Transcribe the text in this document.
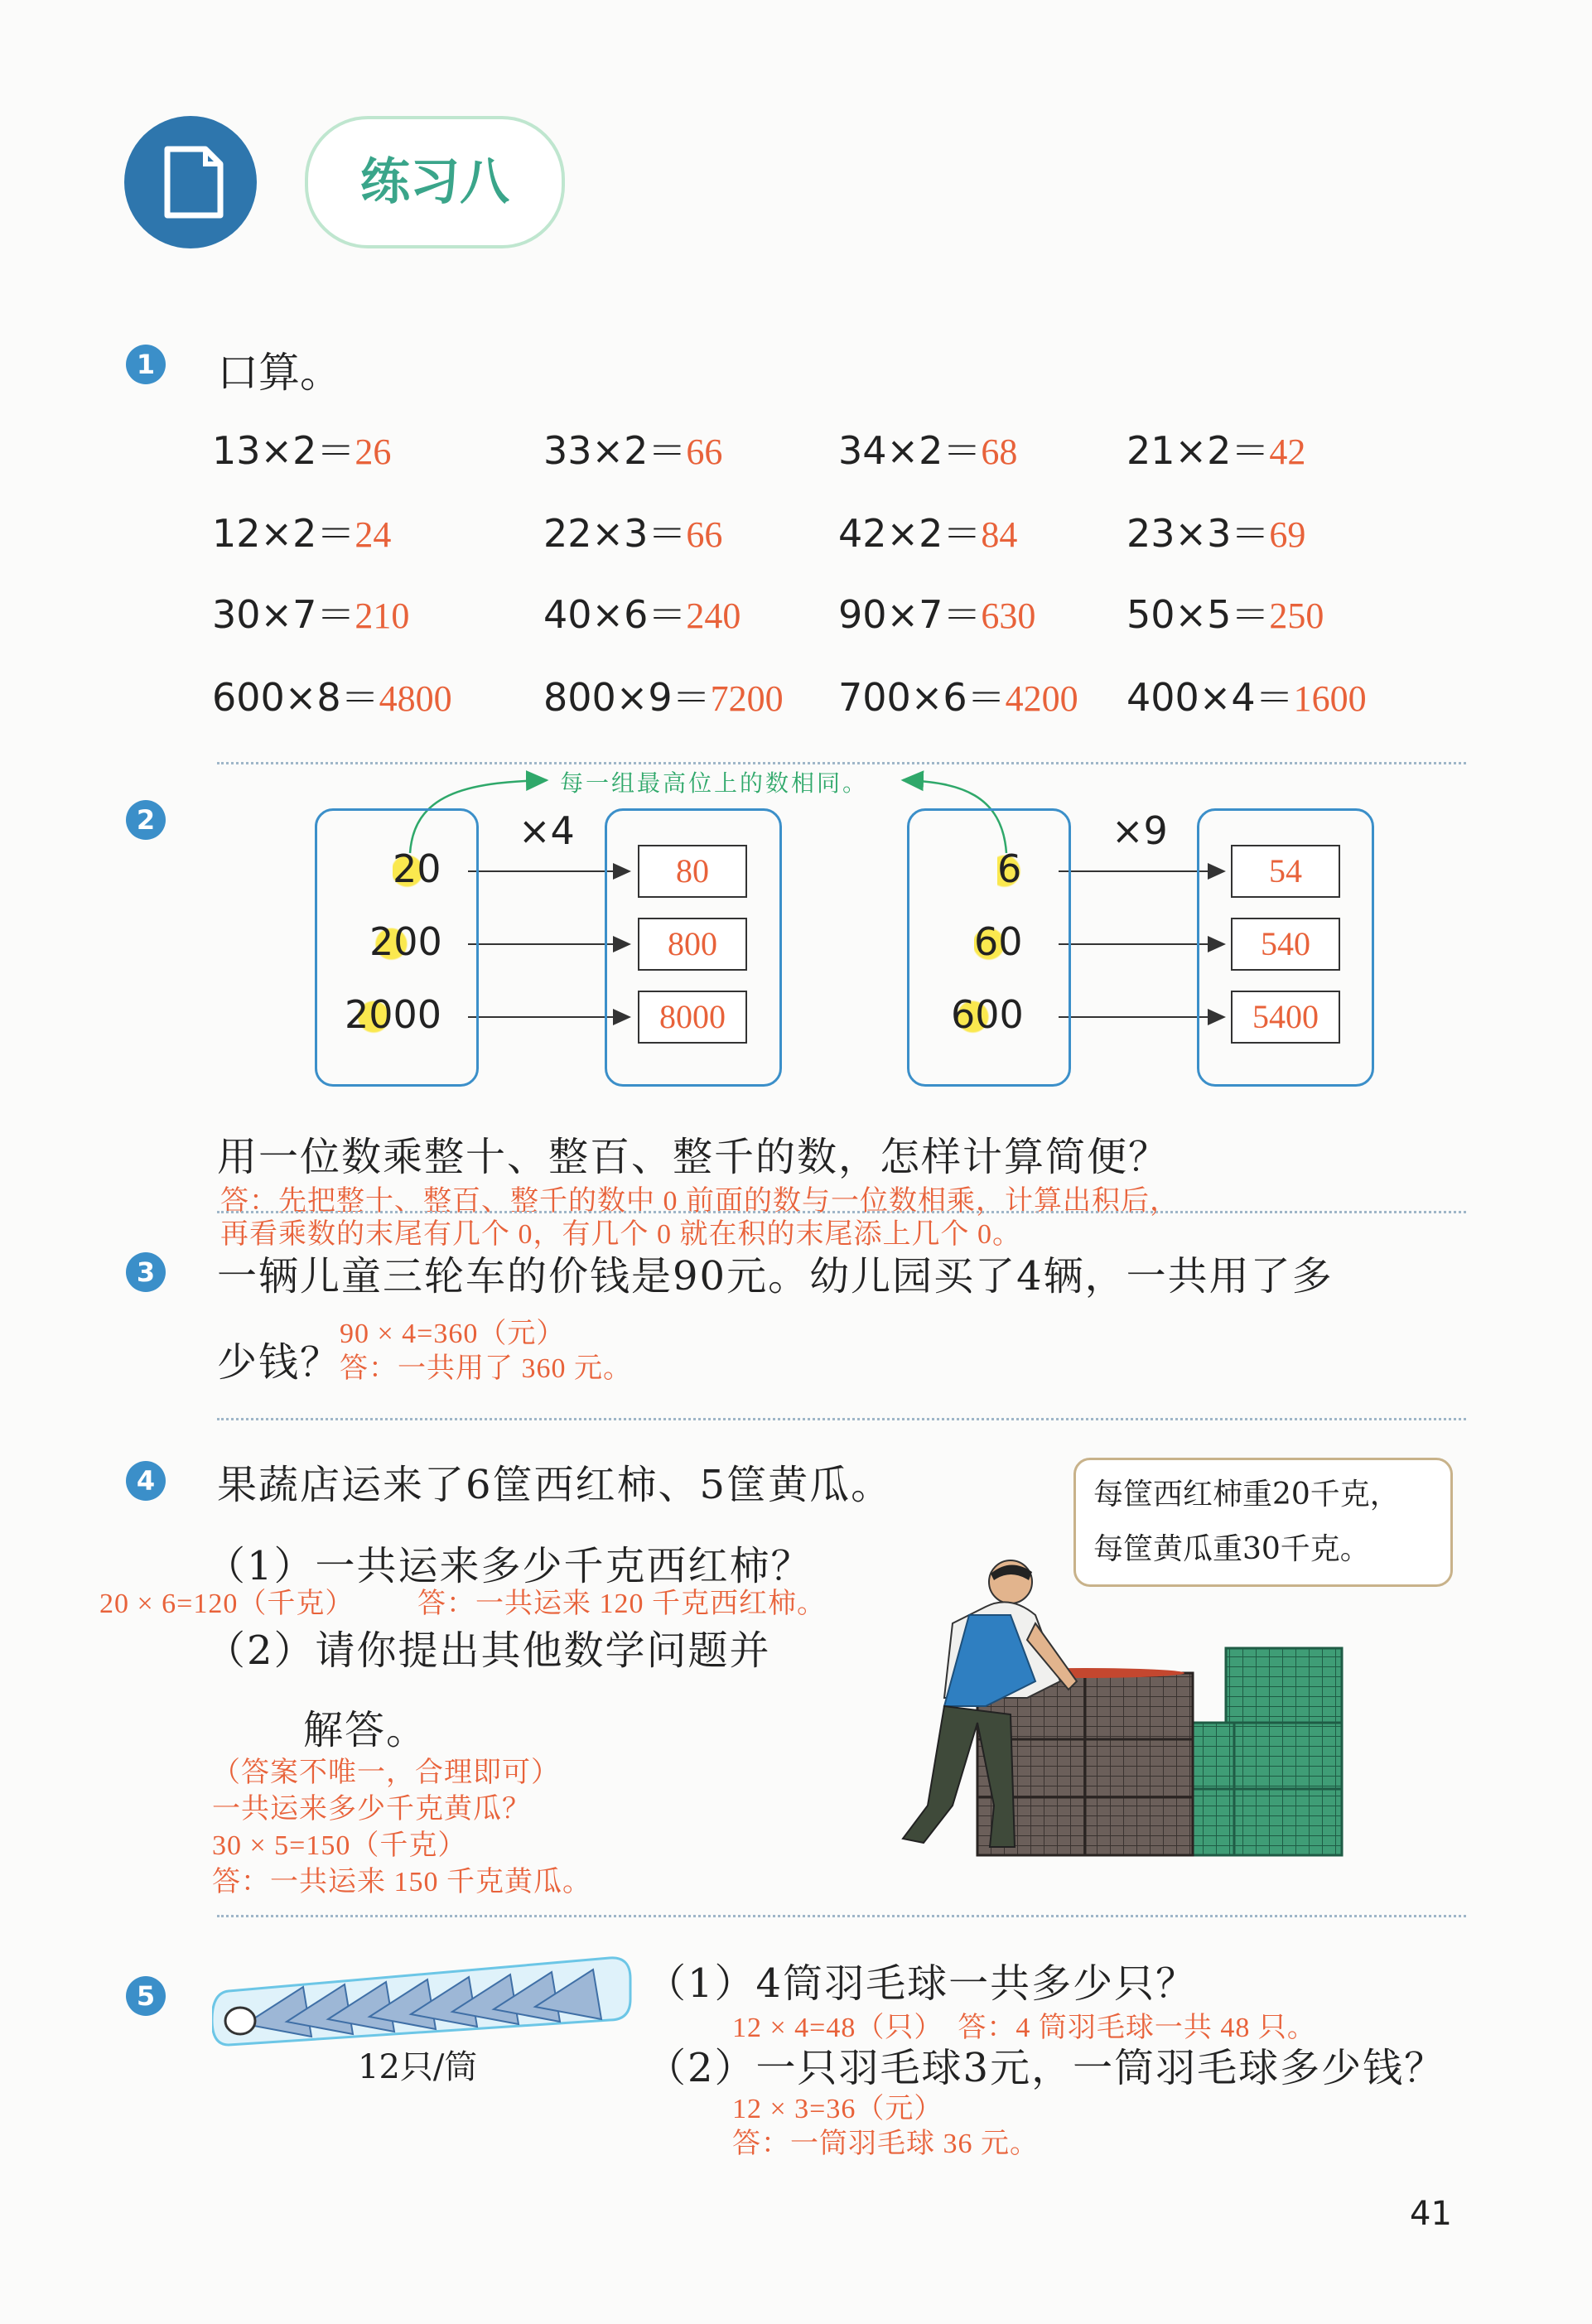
练习八
1 口算。
13×2＝26	33×2＝66	34×2＝68	21×2＝42
12×2＝24	22×3＝66	42×2＝84	23×3＝69
30×7＝210	40×6＝240	90×7＝630 50×5＝250
600×8＝4800 800×9＝7200 700×6＝4200 400×4＝1600
2
每一组最高位上的数相同。
×4	×9
20
200
2000
80
800
8000
6
60
600
54
540
5400
用一位数乘整十、整百、整千的数，怎样计算简便？
答：先把整十、整百、整千的数中 0 前面的数与一位数相乘，计算出积后，
再看乘数的末尾有几个 0，有几个 0 就在积的末尾添上几个 0。
3 一辆儿童三轮车的价钱是90元。幼儿园买了4辆，一共用了多
少钱？
90 × 4=360（元）
答：一共用了 360 元。
4 果蔬店运来了6筐西红柿、5筐黄瓜。	每筐西红柿重20千克，
每筐黄瓜重30千克。
（1）一共运来多少千克西红柿？
20 × 6=120（千克） 答：一共运来 120 千克西红柿。
（2）请你提出其他数学问题并
解答。
（答案不唯一，合理即可）
一共运来多少千克黄瓜？
30 × 5=150（千克）
答：一共运来 150 千克黄瓜。
5
12只/筒
（1）4筒羽毛球一共多少只？
12 × 4=48（只）　答：4 筒羽毛球一共 48 只。
（2）一只羽毛球3元，一筒羽毛球多少钱？
12 × 3=36（元）
答：一筒羽毛球 36 元。
41
